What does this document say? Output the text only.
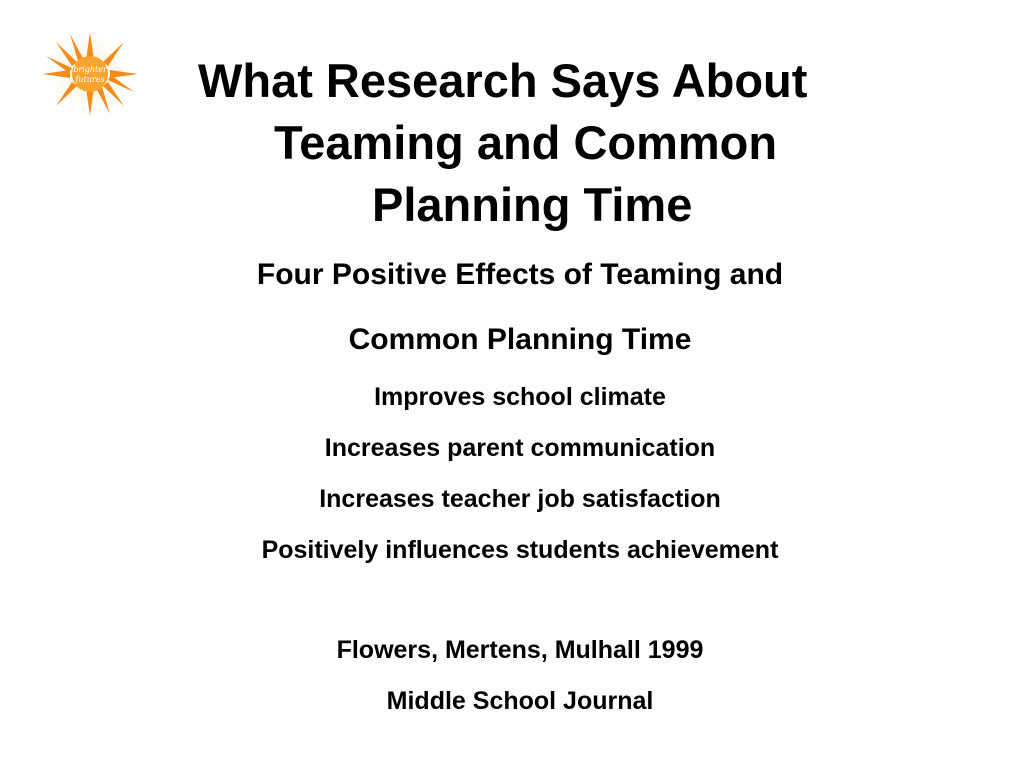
brighter
futures What Research Says About
Teaming and Common
Planning Time
Four Positive Effects of Teaming and
Common Planning Time
Improves school climate
Increases parent communication
Increases teacher job satisfaction
Positively influences students achievement
Flowers, Mertens, Mulhall 1999
Middle School Journal
